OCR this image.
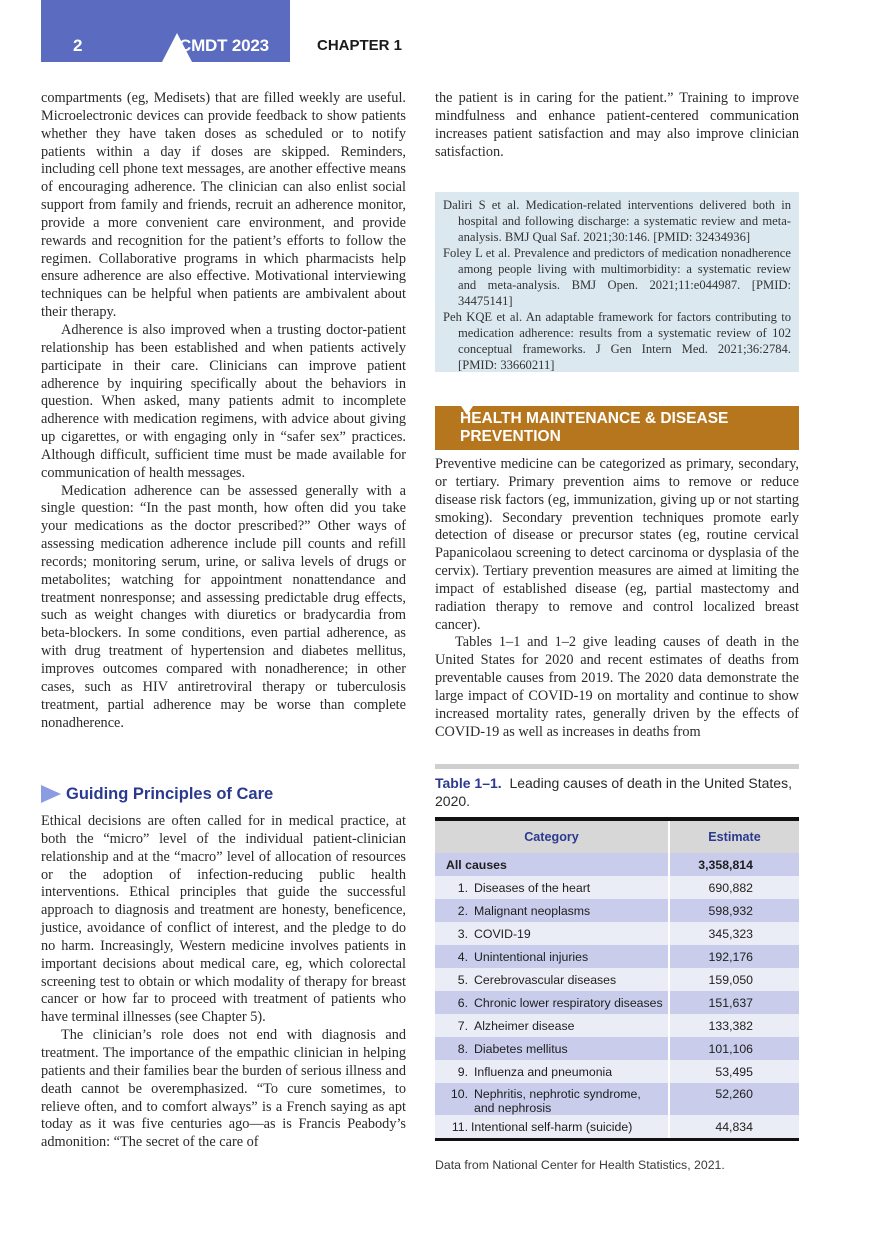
2	CMDT 2023	CHAPTER 1

compartments (eg, Medisets) that are filled weekly are useful. Microelectronic devices can provide feedback to show patients whether they have taken doses as scheduled or to notify patients within a day if doses are skipped. Reminders, including cell phone text messages, are another effective means of encouraging adherence. The clinician can also enlist social support from family and friends, recruit an adherence monitor, provide a more convenient care environment, and provide rewards and recognition for the patient’s efforts to follow the regimen. Collaborative programs in which pharmacists help ensure adherence are also effective. Motivational interviewing techniques can be helpful when patients are ambivalent about their therapy.

Adherence is also improved when a trusting doctor-patient relationship has been established and when patients actively participate in their care. Clinicians can improve patient adherence by inquiring specifically about the behaviors in question. When asked, many patients admit to incomplete adherence with medication regimens, with advice about giving up cigarettes, or with engaging only in “safer sex” practices. Although difficult, sufficient time must be made available for communication of health messages.

Medication adherence can be assessed generally with a single question: “In the past month, how often did you take your medications as the doctor prescribed?” Other ways of assessing medication adherence include pill counts and refill records; monitoring serum, urine, or saliva levels of drugs or metabolites; watching for appointment nonattendance and treatment nonresponse; and assessing predictable drug effects, such as weight changes with diuretics or bradycardia from beta-blockers. In some conditions, even partial adherence, as with drug treatment of hypertension and diabetes mellitus, improves outcomes compared with nonadherence; in other cases, such as HIV antiretroviral therapy or tuberculosis treatment, partial adherence may be worse than complete nonadherence.

Guiding Principles of Care

Ethical decisions are often called for in medical practice, at both the “micro” level of the individual patient-clinician relationship and at the “macro” level of allocation of resources or the adoption of infection-reducing public health interventions. Ethical principles that guide the successful approach to diagnosis and treatment are honesty, beneficence, justice, avoidance of conflict of interest, and the pledge to do no harm. Increasingly, Western medicine involves patients in important decisions about medical care, eg, which colorectal screening test to obtain or which modality of therapy for breast cancer or how far to proceed with treatment of patients who have terminal illnesses (see Chapter 5).

The clinician’s role does not end with diagnosis and treatment. The importance of the empathic clinician in helping patients and their families bear the burden of serious illness and death cannot be overemphasized. “To cure sometimes, to relieve often, and to comfort always” is a French saying as apt today as it was five centuries ago—as is Francis Peabody’s admonition: “The secret of the care of

the patient is in caring for the patient.” Training to improve mindfulness and enhance patient-centered communication increases patient satisfaction and may also improve clinician satisfaction.

Daliri S et al. Medication-related interventions delivered both in hospital and following discharge: a systematic review and meta-analysis. BMJ Qual Saf. 2021;30:146. [PMID: 32434936]

Foley L et al. Prevalence and predictors of medication nonadherence among people living with multimorbidity: a systematic review and meta-analysis. BMJ Open. 2021;11:e044987. [PMID: 34475141]

Peh KQE et al. An adaptable framework for factors contributing to medication adherence: results from a systematic review of 102 conceptual frameworks. J Gen Intern Med. 2021;36:2784. [PMID: 33660211]

HEALTH MAINTENANCE & DISEASE
PREVENTION

Preventive medicine can be categorized as primary, secondary, or tertiary. Primary prevention aims to remove or reduce disease risk factors (eg, immunization, giving up or not starting smoking). Secondary prevention techniques promote early detection of disease or precursor states (eg, routine cervical Papanicolaou screening to detect carcinoma or dysplasia of the cervix). Tertiary prevention measures are aimed at limiting the impact of established disease (eg, partial mastectomy and radiation therapy to remove and control localized breast cancer).

Tables 1–1 and 1–2 give leading causes of death in the United States for 2020 and recent estimates of deaths from preventable causes from 2019. The 2020 data demonstrate the large impact of COVID-19 on mortality and continue to show increased mortality rates, generally driven by the effects of COVID-19 as well as increases in deaths from

Table 1–1. Leading causes of death in the United States, 2020.
Category	Estimate
All causes	3,358,814

1. Diseases of the heart	690,882

2. Malignant neoplasms	598,932

3. COVID-19	345,323

4. Unintentional injuries	192,176

5. Cerebrovascular diseases	159,050

6. Chronic lower respiratory diseases	151,637

7. Alzheimer disease	133,382

8. Diabetes mellitus	101,106

9. Influenza and pneumonia	53,495

10. Nephritis, nephrotic syndrome, and nephrosis	52,260

11. Intentional self-harm (suicide)	44,834
Data from National Center for Health Statistics, 2021.
